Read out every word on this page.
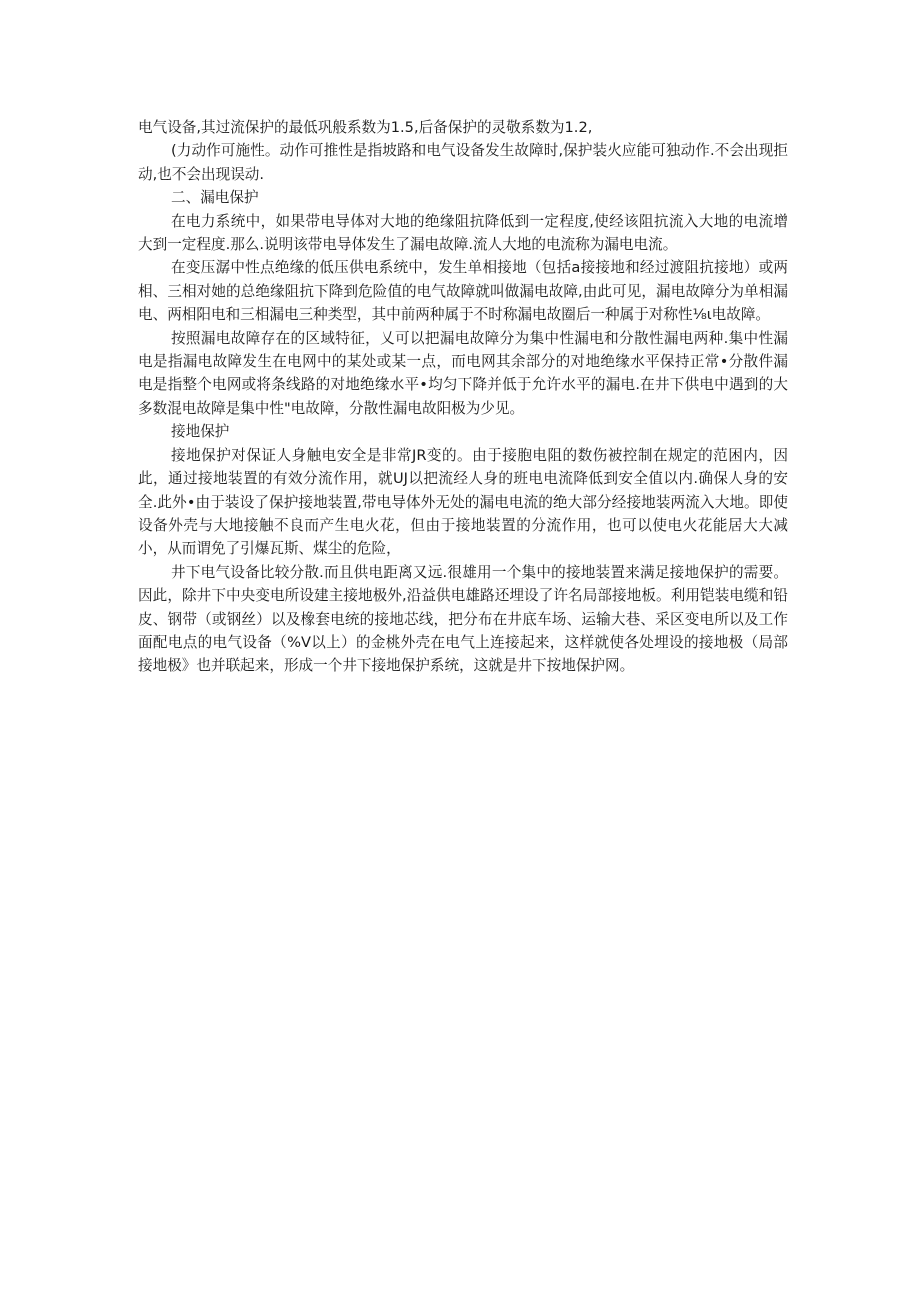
电气设备,其过流保护的最低巩般系数为1.5,后备保护的灵敬系数为1.2,

(力动作可施性。动作可推性是指坡路和电气设备发生故障时,保护装火应能可独动作.不会出现拒动,也不会出现误动.

二、漏电保护

在电力系统中，如果带电导体对大地的绝缘阻抗降低到一定程度,使经该阻抗流入大地的电流增大到一定程度.那么.说明该带电导体发生了漏电故障.流人大地的电流称为漏电电流。

在变压潺中性点绝缘的低压供电系统中，发生单相接地（包括a接接地和经过渡阻抗接地）或两相、三相对她的总绝缘阻抗下降到危险值的电气故障就叫做漏电故障,由此可见，漏电故障分为单相漏电、两相阳电和三相漏电三种类型，其中前两种属于不时称漏电故圈后一种属于对称性⅛ι电故障。

按照漏电故障存在的区域特征，乂可以把漏电故障分为集中性漏电和分散性漏电两种.集中性漏电是指漏电故障发生在电网中的某处或某一点，而电网其余部分的对地绝缘水平保持正常•分散件漏电是指整个电网或将条线路的对地绝缘水平•均匀下降并低于允许水平的漏电.在井下供电中遇到的大多数混电故障是集中性"电故障，分散性漏电故阳极为少见。

接地保护

接地保护对保证人身触电安全是非常JR变的。由于接胞电阻的数伤被控制在规定的范困内，因此，通过接地装置的有效分流作用，就UJ以把流经人身的班电电流降低到安全值以内.确保人身的安全.此外•由于装设了保护接地装置,带电导体外无处的漏电电流的绝大部分经接地装两流入大地。即使设备外壳与大地接触不良而产生电火花，但由于接地装置的分流作用，也可以使电火花能居大大减小，从而谓免了引爆瓦斯、煤尘的危险，

井下电气设备比较分散.而且供电距离又远.很雄用一个集中的接地装置来满足接地保护的需要。因此，除井下中央变电所设建主接地极外,沿益供电雄路还埋设了许名局部接地板。利用铠装电缆和铅皮、钢带（或钢丝）以及橡套电统的接地芯线，把分布在井底车场、运输大巷、采区变电所以及工作面配电点的电气设备（%V以上）的金桃外壳在电气上连接起来，这样就使各处埋设的接地极（局部接地极》也并联起来，形成一个井下接地保护系统，这就是井下按地保护网。
